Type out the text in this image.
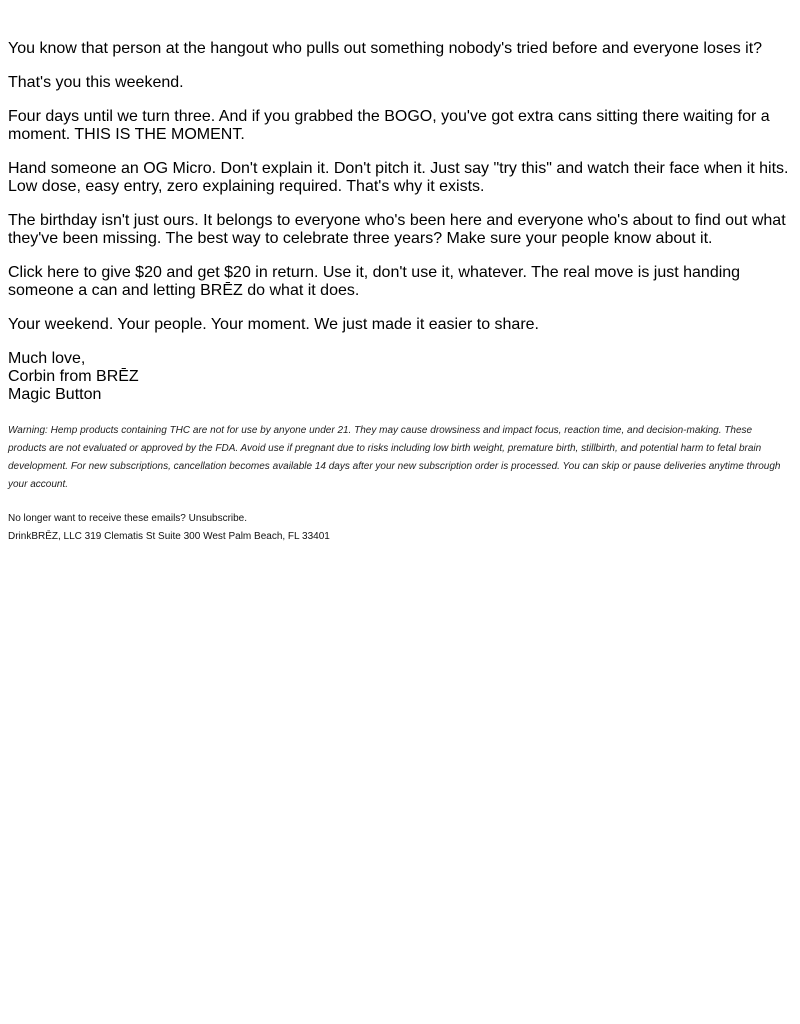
You know that person at the hangout who pulls out something nobody's tried before and everyone loses it?

That's you this weekend.

Four days until we turn three. And if you grabbed the BOGO, you've got extra cans sitting there waiting for a moment. THIS IS THE MOMENT.

Hand someone an OG Micro. Don't explain it. Don't pitch it. Just say "try this" and watch their face when it hits. Low dose, easy entry, zero explaining required. That's why it exists.

The birthday isn't just ours. It belongs to everyone who's been here and everyone who's about to find out what they've been missing. The best way to celebrate three years? Make sure your people know about it.

Click here to give $20 and get $20 in return. Use it, don't use it, whatever. The real move is just handing someone a can and letting BRĒZ do what it does.

Your weekend. Your people. Your moment. We just made it easier to share.

Much love,
Corbin from BRĒZ
Magic Button

Warning: Hemp products containing THC are not for use by anyone under 21. They may cause drowsiness and impact focus, reaction time, and decision-making. These products are not evaluated or approved by the FDA. Avoid use if pregnant due to risks including low birth weight, premature birth, stillbirth, and potential harm to fetal brain development. For new subscriptions, cancellation becomes available 14 days after your new subscription order is processed. You can skip or pause deliveries anytime through your account.

No longer want to receive these emails? Unsubscribe.

DrinkBRĒZ, LLC 319 Clematis St Suite 300 West Palm Beach, FL 33401
